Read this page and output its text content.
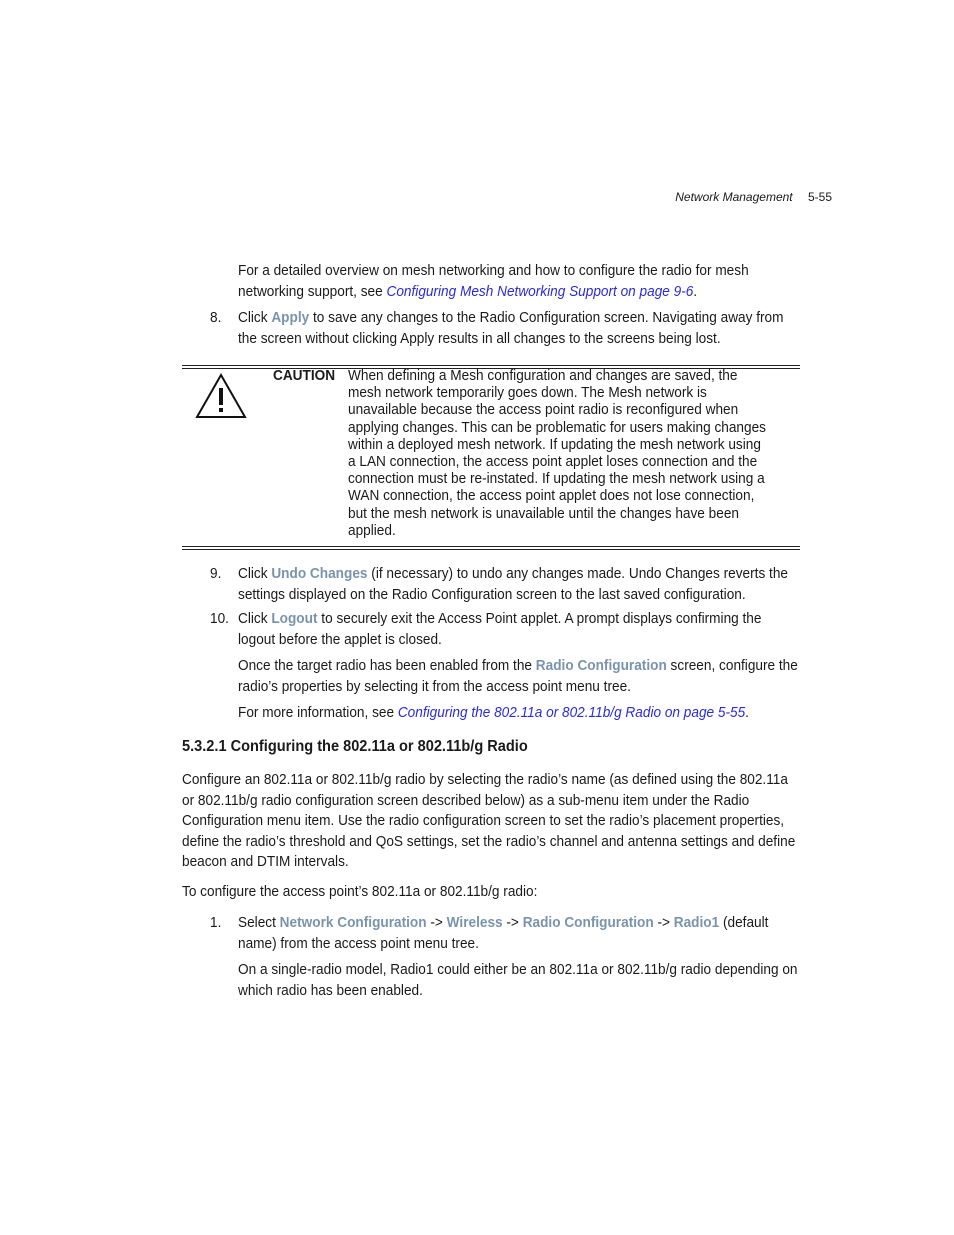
Network Management 5-55
For a detailed overview on mesh networking and how to configure the radio for mesh networking support, see Configuring Mesh Networking Support on page 9-6.
8. Click Apply to save any changes to the Radio Configuration screen. Navigating away from the screen without clicking Apply results in all changes to the screens being lost.
CAUTION When defining a Mesh configuration and changes are saved, the mesh network temporarily goes down. The Mesh network is unavailable because the access point radio is reconfigured when applying changes. This can be problematic for users making changes within a deployed mesh network. If updating the mesh network using a LAN connection, the access point applet loses connection and the connection must be re-instated. If updating the mesh network using a WAN connection, the access point applet does not lose connection, but the mesh network is unavailable until the changes have been applied.
9. Click Undo Changes (if necessary) to undo any changes made. Undo Changes reverts the settings displayed on the Radio Configuration screen to the last saved configuration.
10. Click Logout to securely exit the Access Point applet. A prompt displays confirming the logout before the applet is closed.
Once the target radio has been enabled from the Radio Configuration screen, configure the radio’s properties by selecting it from the access point menu tree.
For more information, see Configuring the 802.11a or 802.11b/g Radio on page 5-55.
5.3.2.1 Configuring the 802.11a or 802.11b/g Radio
Configure an 802.11a or 802.11b/g radio by selecting the radio’s name (as defined using the 802.11a or 802.11b/g radio configuration screen described below) as a sub-menu item under the Radio Configuration menu item. Use the radio configuration screen to set the radio’s placement properties, define the radio’s threshold and QoS settings, set the radio’s channel and antenna settings and define beacon and DTIM intervals.
To configure the access point’s 802.11a or 802.11b/g radio:
1. Select Network Configuration -> Wireless -> Radio Configuration -> Radio1 (default name) from the access point menu tree.
On a single-radio model, Radio1 could either be an 802.11a or 802.11b/g radio depending on which radio has been enabled.
